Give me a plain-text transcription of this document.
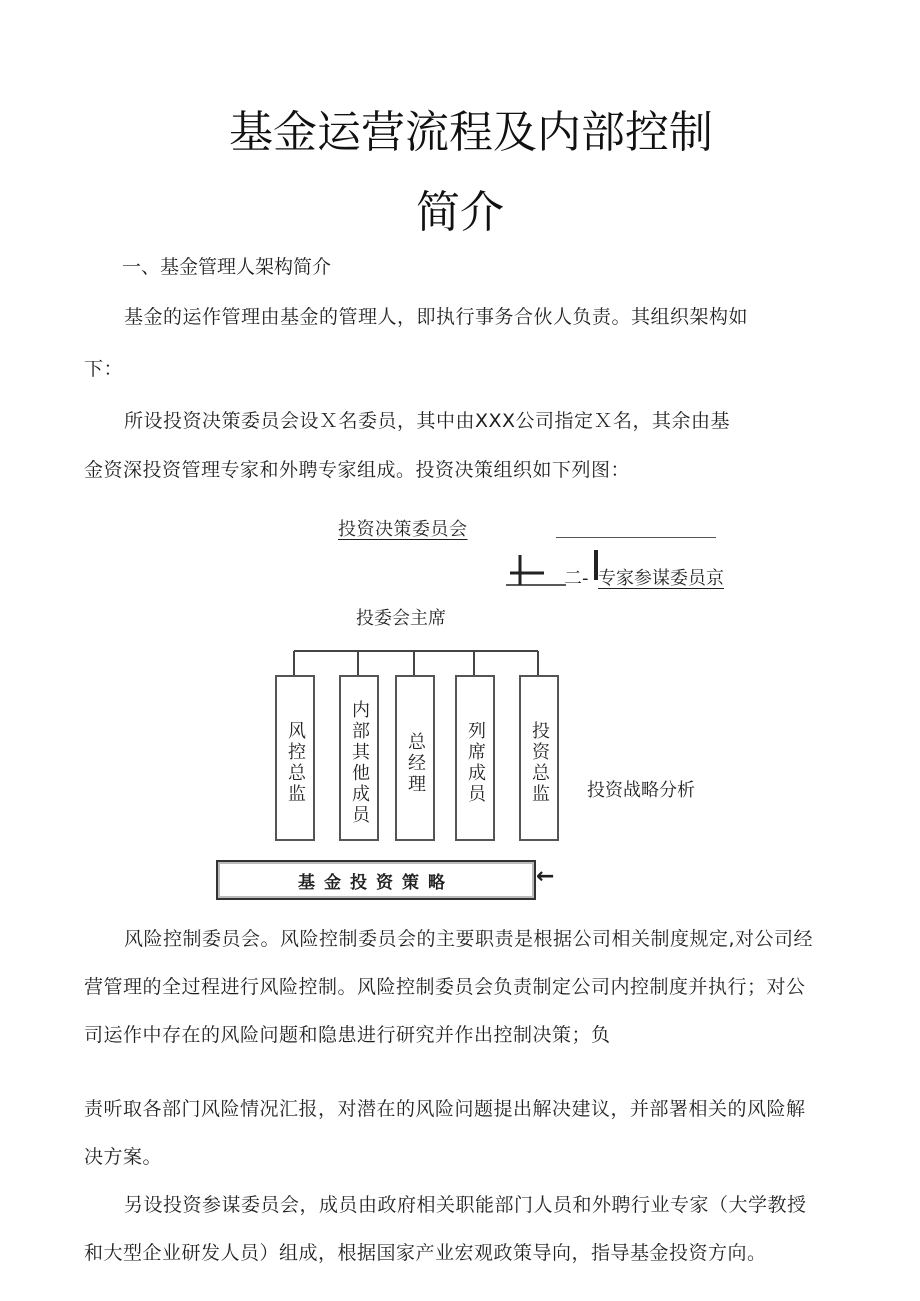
基金运营流程及内部控制
简介
一、基金管理人架构简介
基金的运作管理由基金的管理人，即执行事务合伙人负责。其组织架构如
下：
所设投资决策委员会设Ｘ名委员，其中由XXX公司指定Ｘ名，其余由基
金资深投资管理专家和外聘专家组成。投资决策组织如下列图：
投资决策委员会
二- 专家参谋委员京
投委会主席
风控总监	内部其他成员	总经理	列席成员	投资总监	投资战略分析
基金投资策略	←
风险控制委员会。风险控制委员会的主要职责是根据公司相关制度规定,对公司经
营管理的全过程进行风险控制。风险控制委员会负责制定公司内控制度并执行；对公
司运作中存在的风险问题和隐患进行研究并作出控制决策；负
责听取各部门风险情况汇报，对潜在的风险问题提出解决建议，并部署相关的风险解
决方案。
另设投资参谋委员会，成员由政府相关职能部门人员和外聘行业专家（大学教授
和大型企业研发人员）组成，根据国家产业宏观政策导向，指导基金投资方向。
